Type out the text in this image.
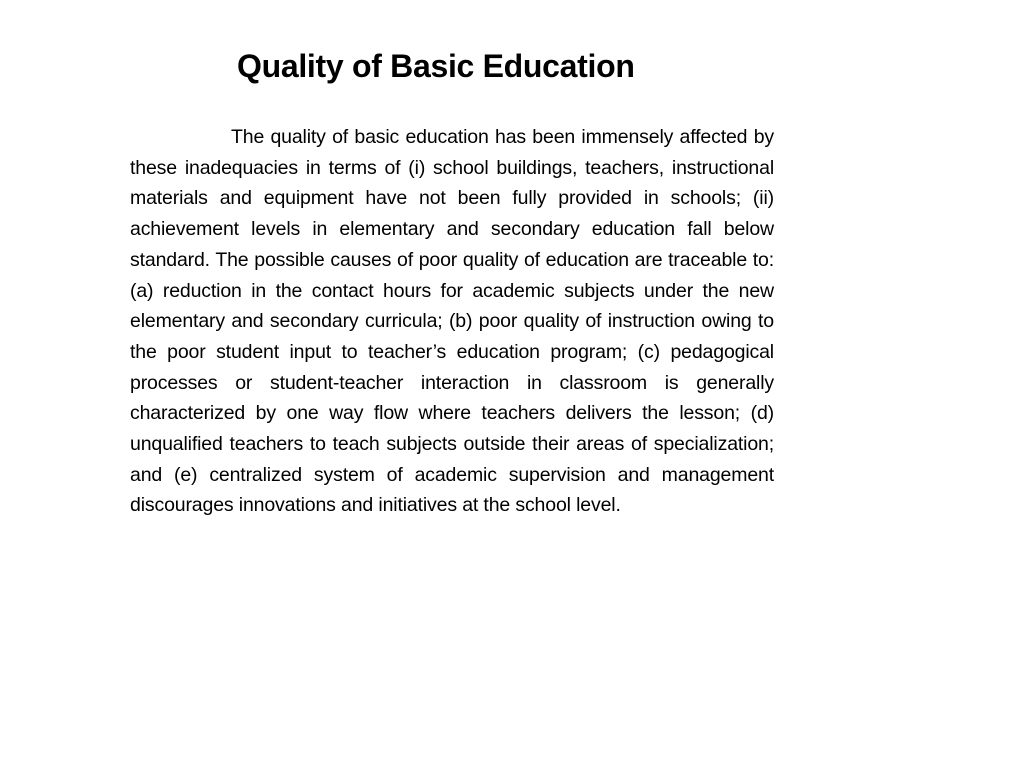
Quality of Basic Education

The quality of basic education has been immensely affected by these inadequacies in terms of (i) school buildings, teachers, instructional materials and equipment have not been fully provided in schools; (ii) achievement levels in elementary and secondary education fall below standard. The possible causes of poor quality of education are traceable to: (a) reduction in the contact hours for academic subjects under the new elementary and secondary curricula; (b) poor quality of instruction owing to the poor student input to teacher’s education program; (c) pedagogical processes or student-teacher interaction in classroom is generally characterized by one way flow where teachers delivers the lesson; (d) unqualified teachers to teach subjects outside their areas of specialization; and (e) centralized system of academic supervision and management discourages innovations and initiatives at the school level.
